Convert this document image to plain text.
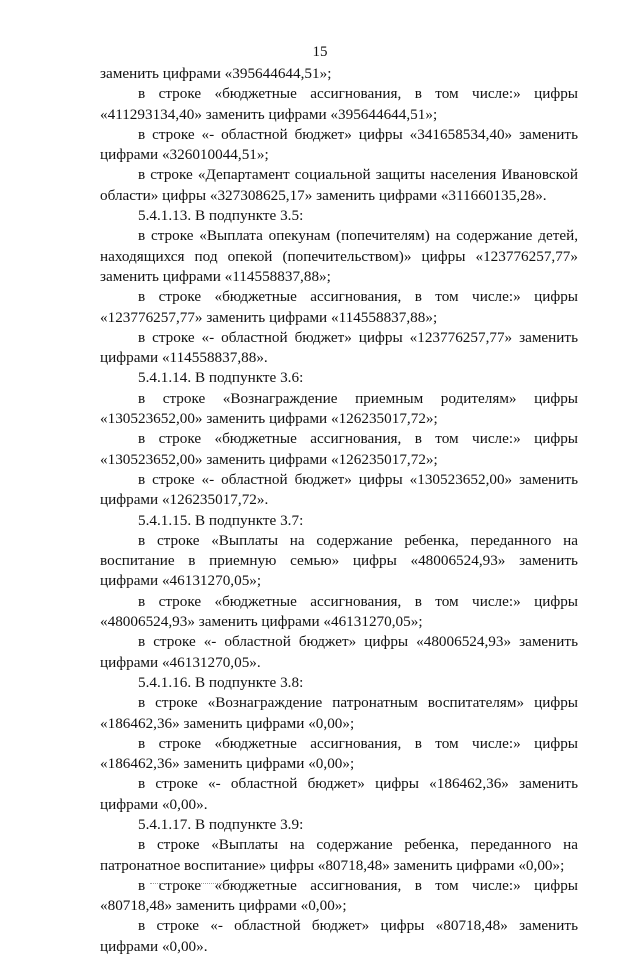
15

заменить цифрами «395644644,51»;

в строке «бюджетные ассигнования, в том числе:» цифры «411293134,40» заменить цифрами «395644644,51»;

в строке «- областной бюджет» цифры «341658534,40» заменить цифрами «326010044,51»;

в строке «Департамент социальной защиты населения Ивановской области» цифры «327308625,17» заменить цифрами «311660135,28».

5.4.1.13. В подпункте 3.5:

в строке «Выплата опекунам (попечителям) на содержание детей, находящихся под опекой (попечительством)» цифры «123776257,77» заменить цифрами «114558837,88»;

в строке «бюджетные ассигнования, в том числе:» цифры «123776257,77» заменить цифрами «114558837,88»;

в строке «- областной бюджет» цифры «123776257,77» заменить цифрами «114558837,88».

5.4.1.14. В подпункте 3.6:

в строке «Вознаграждение приемным родителям» цифры «130523652,00» заменить цифрами «126235017,72»;

в строке «бюджетные ассигнования, в том числе:» цифры «130523652,00» заменить цифрами «126235017,72»;

в строке «- областной бюджет» цифры «130523652,00» заменить цифрами «126235017,72».

5.4.1.15. В подпункте 3.7:

в строке «Выплаты на содержание ребенка, переданного на воспитание в приемную семью» цифры «48006524,93» заменить цифрами «46131270,05»;

в строке «бюджетные ассигнования, в том числе:» цифры «48006524,93» заменить цифрами «46131270,05»;

в строке «- областной бюджет» цифры «48006524,93» заменить цифрами «46131270,05».

5.4.1.16. В подпункте 3.8:

в строке «Вознаграждение патронатным воспитателям» цифры «186462,36» заменить цифрами «0,00»;

в строке «бюджетные ассигнования, в том числе:» цифры «186462,36» заменить цифрами «0,00»;

в строке «- областной бюджет» цифры «186462,36» заменить цифрами «0,00».

5.4.1.17. В подпункте 3.9:

в строке «Выплаты на содержание ребенка, переданного на патронатное воспитание» цифры «80718,48» заменить цифрами «0,00»;

в строке «бюджетные ассигнования, в том числе:» цифры «80718,48» заменить цифрами «0,00»;

в строке «- областной бюджет» цифры «80718,48» заменить цифрами «0,00».
